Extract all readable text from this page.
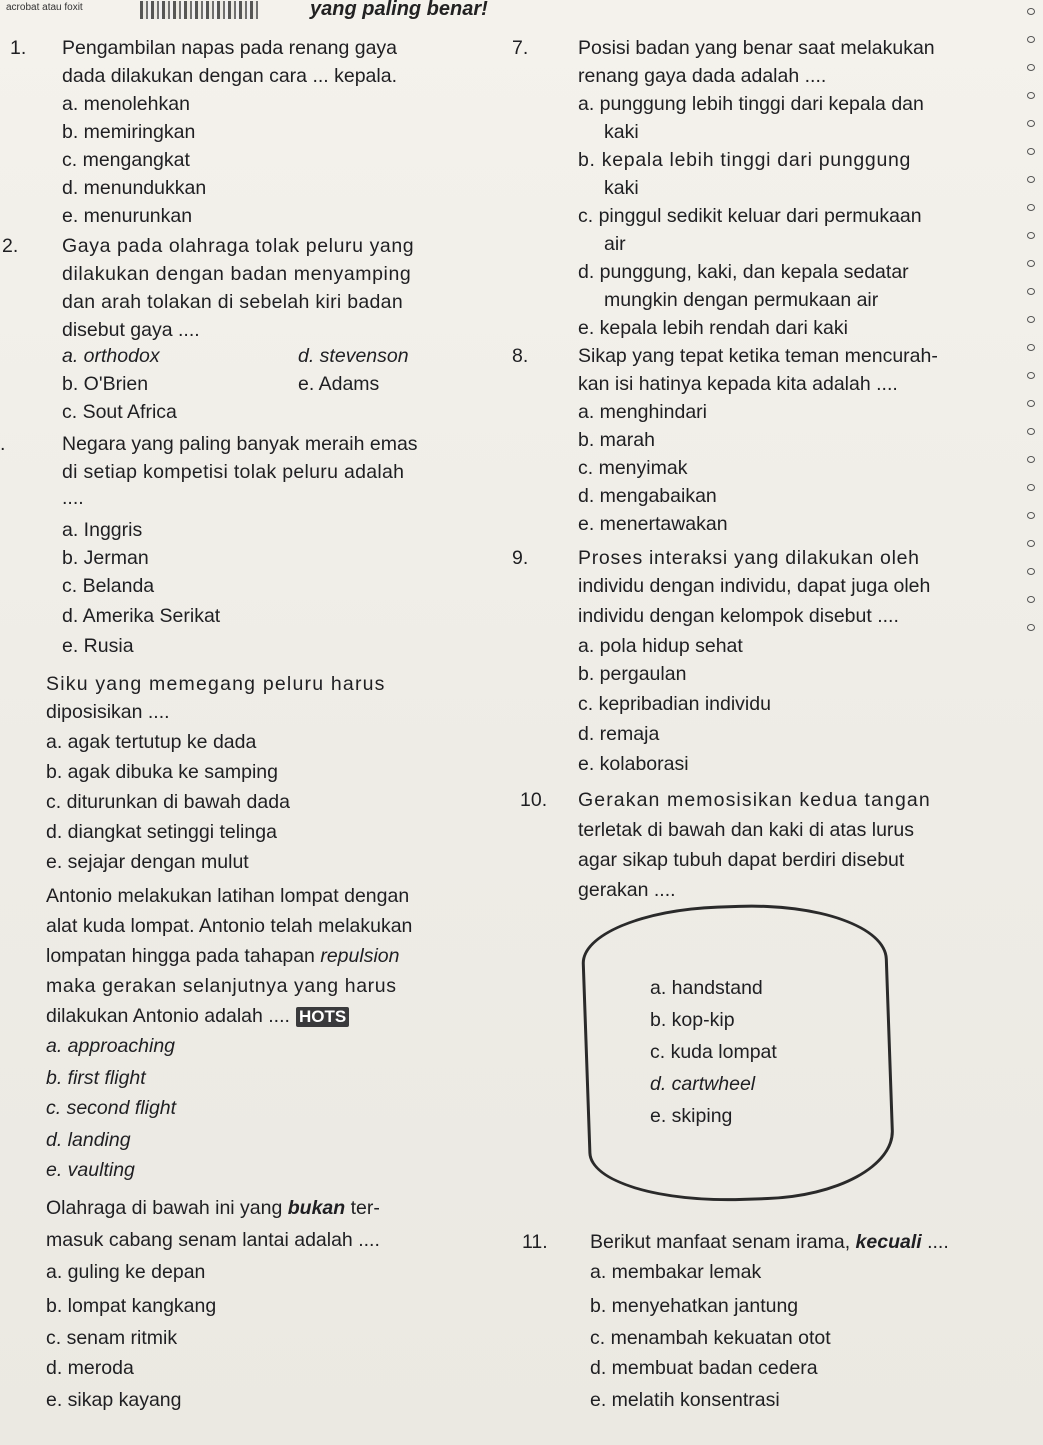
acrobat atau foxit	yang paling benar!
1. Pengambilan napas pada renang gaya
dada dilakukan dengan cara ... kepala.
a. menolehkan
b. memiringkan
c. mengangkat
d. menundukkan
e. menurunkan
2. Gaya pada olahraga tolak peluru yang
dilakukan dengan badan menyamping
dan arah tolakan di sebelah kiri badan
disebut gaya ....
a. orthodox	d. stevenson
b. O'Brien	e. Adams
c. Sout Africa
.	Negara yang paling banyak meraih emas
di setiap kompetisi tolak peluru adalah
....
a. Inggris
b. Jerman
c. Belanda
d. Amerika Serikat
e. Rusia
Siku yang memegang peluru harus
diposisikan ....
a. agak tertutup ke dada
b. agak dibuka ke samping
c. diturunkan di bawah dada
d. diangkat setinggi telinga
e. sejajar dengan mulut
Antonio melakukan latihan lompat dengan
alat kuda lompat. Antonio telah melakukan
lompatan hingga pada tahapan repulsion
maka gerakan selanjutnya yang harus
dilakukan Antonio adalah .... HOTS
a. approaching
b. first flight
c. second flight
d. landing
e. vaulting
Olahraga di bawah ini yang bukan ter-
masuk cabang senam lantai adalah ....
a. guling ke depan
b. lompat kangkang
c. senam ritmik
d. meroda
e. sikap kayang
7.	Posisi badan yang benar saat melakukan
renang gaya dada adalah ....
a. punggung lebih tinggi dari kepala dan
kaki
b. kepala lebih tinggi dari punggung
kaki
c. pinggul sedikit keluar dari permukaan
air
d. punggung, kaki, dan kepala sedatar
mungkin dengan permukaan air
e. kepala lebih rendah dari kaki
8.	Sikap yang tepat ketika teman mencurah-
kan isi hatinya kepada kita adalah ....
a. menghindari
b. marah
c. menyimak
d. mengabaikan
e. menertawakan
9.	Proses interaksi yang dilakukan oleh
individu dengan individu, dapat juga oleh
individu dengan kelompok disebut ....
a. pola hidup sehat
b. pergaulan
c. kepribadian individu
d. remaja
e. kolaborasi
10. Gerakan memosisikan kedua tangan
terletak di bawah dan kaki di atas lurus
agar sikap tubuh dapat berdiri disebut
gerakan ....
a. handstand
b. kop-kip
c. kuda lompat
d. cartwheel
e. skiping
11. Berikut manfaat senam irama, kecuali ....
a. membakar lemak
b. menyehatkan jantung
c. menambah kekuatan otot
d. membuat badan cedera
e. melatih konsentrasi
